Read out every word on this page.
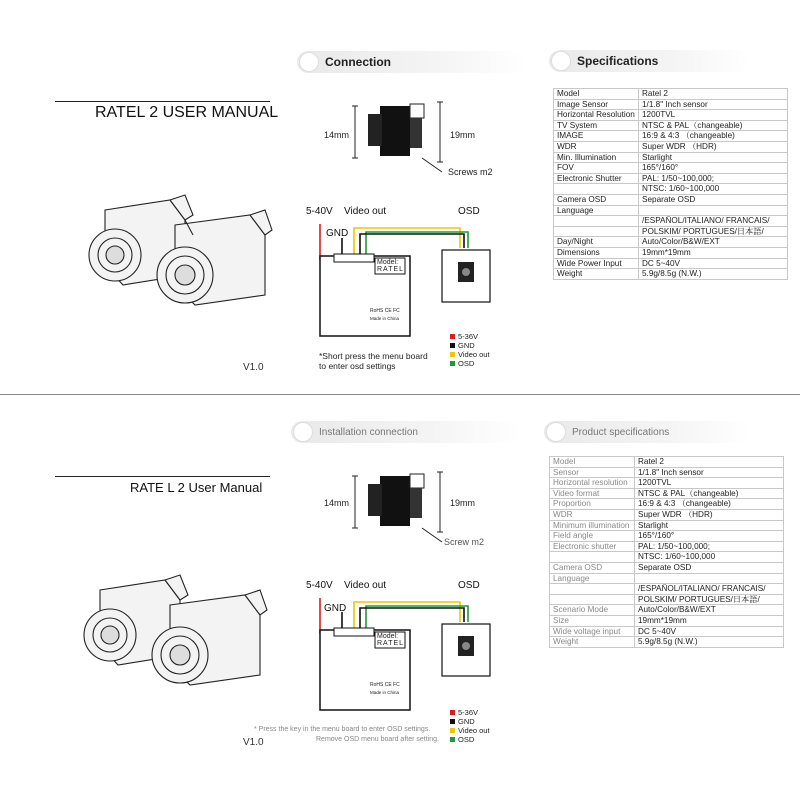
RATEL 2 USER MANUAL
V1.0
Connection
14mm	19mm
Screws m2
5-40V Video out
GND
OSD
Model:
RATEL
RoHS CE FC
Made in China
5-36V
GND
Video out
OSD
*Short press the menu board
to enter osd settings
Specifications
Model	Ratel 2
Image Sensor	1/1.8" Inch sensor
Horizontal Resolution	1200TVL
TV System	NTSC & PAL（changeable)
IMAGE	16:9 & 4:3 （changeable)
WDR	Super WDR （HDR)
Min. Illumination	Starlight
FOV	165°/160°
Electronic Shutter	PAL: 1/50~100,000;
	NTSC: 1/60~100,000
Camera OSD	Separate OSD
Language	
	/ESPAÑOL/ITALIANO/ FRANCAIS/
	POLSKIM/ PORTUGUES/日本語/
Day/Night	Auto/Color/B&W/EXT
Dimensions	19mm*19mm
Wide Power Input	DC 5~40V
Weight	5.9g/8.5g (N.W.)
RATE L 2 User Manual
V1.0
Installation connection
14mm	19mm
Screw m2
5-40V Video out
GND
OSD
Model:
RATEL
RoHS CE FC
Made in China
5-36V
GND
Video out
OSD
* Press the key in the menu board to enter OSD settings.
Remove OSD menu board after setting.
Product specifications
Model	Ratel 2
Sensor	1/1.8" Inch sensor
Horizontal resolution	1200TVL
Video format	NTSC & PAL（changeable)
Proportion	16:9 & 4:3 （changeable)
WDR	Super WDR （HDR)
Minimum illumination	Starlight
Field angle	165°/160°
Electronic shutter	PAL: 1/50~100,000;
	NTSC: 1/60~100,000
Camera OSD	Separate OSD
Language	
	/ESPAÑOL/ITALIANO/ FRANCAIS/
	POLSKIM/ PORTUGUES/日本語/
Scenario Mode	Auto/Color/B&W/EXT
Size	19mm*19mm
Wide voltage input	DC 5~40V
Weight	5.9g/8.5g (N.W.)
